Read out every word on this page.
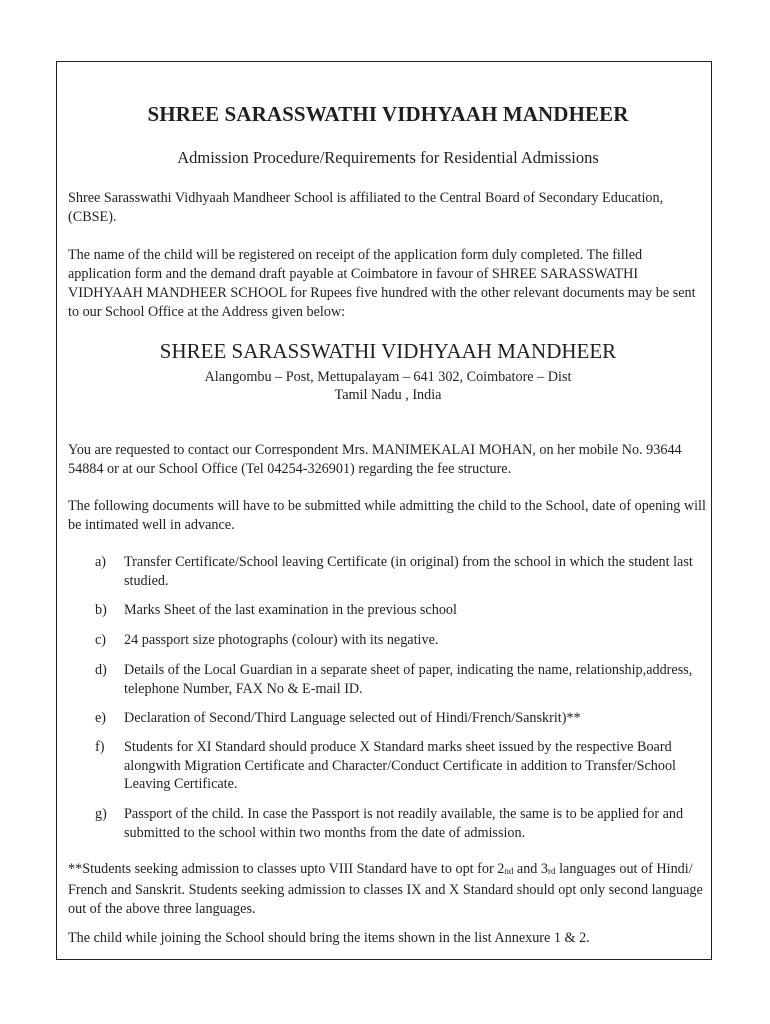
SHREE SARASSWATHI VIDHYAAH MANDHEER
Admission Procedure/Requirements for Residential Admissions

Shree Sarasswathi Vidhyaah Mandheer School is affiliated to the Central Board of Secondary Education, (CBSE).

The name of the child will be registered on receipt of the application form duly completed. The filled application form and the demand draft payable at Coimbatore in favour of SHREE SARASSWATHI VIDHYAAH MANDHEER SCHOOL for Rupees five hundred with the other relevant documents may be sent to our School Office at the Address given below:

SHREE SARASSWATHI VIDHYAAH MANDHEER

Alangombu – Post, Mettupalayam – 641 302, Coimbatore – Dist

Tamil Nadu , India

You are requested to contact our Correspondent Mrs. MANIMEKALAI MOHAN, on her mobile No. 93644 54884 or at our School Office (Tel 04254-326901) regarding the fee structure.

The following documents will have to be submitted while admitting the child to the School, date of opening will be intimated well in advance.

a) Transfer Certificate/School leaving Certificate (in original) from the school in which the student last studied.
b) Marks Sheet of the last examination in the previous school
c) 24 passport size photographs (colour) with its negative.
d) Details of the Local Guardian in a separate sheet of paper, indicating the name, relationship,address, telephone Number, FAX No & E-mail ID.
e) Declaration of Second/Third Language selected out of Hindi/French/Sanskrit)**
f) Students for XI Standard should produce X Standard marks sheet issued by the respective Board alongwith Migration Certificate and Character/Conduct Certificate in addition to Transfer/School Leaving Certificate.
g) Passport of the child. In case the Passport is not readily available, the same is to be applied for and submitted to the school within two months from the date of admission.

**Students seeking admission to classes upto VIII Standard have to opt for 2nd and 3rd languages out of Hindi/ French and Sanskrit. Students seeking admission to classes IX and X Standard should opt only second language out of the above three languages.

The child while joining the School should bring the items shown in the list Annexure 1 & 2.
